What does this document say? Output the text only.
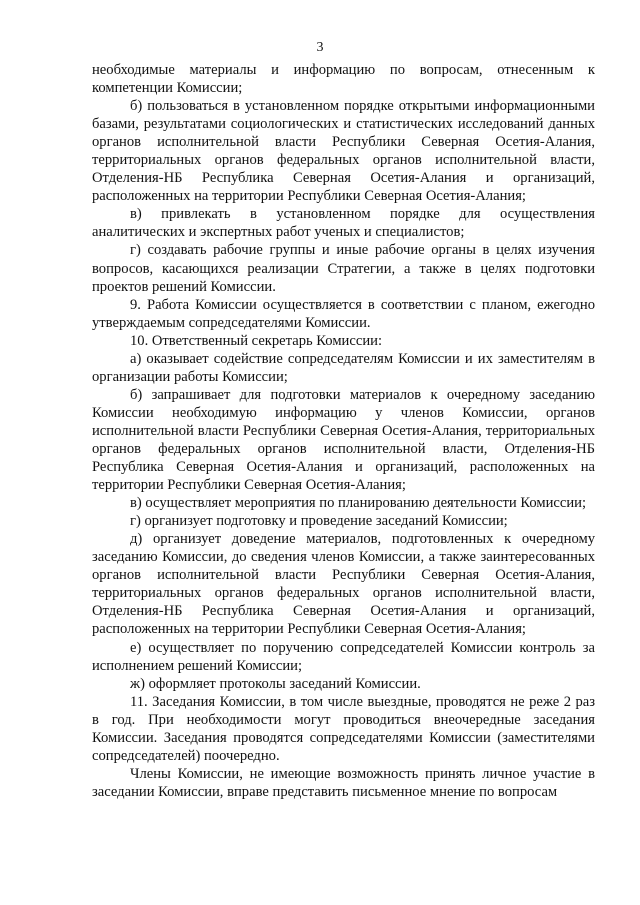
3

необходимые материалы и информацию по вопросам, отнесенным к компетенции Комиссии;

б) пользоваться в установленном порядке открытыми информационными базами, результатами социологических и статистических исследований данных органов исполнительной власти Республики Северная Осетия-Алания, территориальных органов федеральных органов исполнительной власти, Отделения-НБ Республика Северная Осетия-Алания и организаций, расположенных на территории Республики Северная Осетия-Алания;

в) привлекать в установленном порядке для осуществления аналитических и экспертных работ ученых и специалистов;

г) создавать рабочие группы и иные рабочие органы в целях изучения вопросов, касающихся реализации Стратегии, а также в целях подготовки проектов решений Комиссии.

9. Работа Комиссии осуществляется в соответствии с планом, ежегодно утверждаемым сопредседателями Комиссии.

10. Ответственный секретарь Комиссии:

а) оказывает содействие сопредседателям Комиссии и их заместителям в организации работы Комиссии;

б) запрашивает для подготовки материалов к очередному заседанию Комиссии необходимую информацию у членов Комиссии, органов исполнительной власти Республики Северная Осетия-Алания, территориальных органов федеральных органов исполнительной власти, Отделения-НБ Республика Северная Осетия-Алания и организаций, расположенных на территории Республики Северная Осетия-Алания;

в) осуществляет мероприятия по планированию деятельности Комиссии;

г) организует подготовку и проведение заседаний Комиссии;

д) организует доведение материалов, подготовленных к очередному заседанию Комиссии, до сведения членов Комиссии, а также заинтересованных органов исполнительной власти Республики Северная Осетия-Алания, территориальных органов федеральных органов исполнительной власти, Отделения-НБ Республика Северная Осетия-Алания и организаций, расположенных на территории Республики Северная Осетия-Алания;

е) осуществляет по поручению сопредседателей Комиссии контроль за исполнением решений Комиссии;

ж) оформляет протоколы заседаний Комиссии.

11. Заседания Комиссии, в том числе выездные, проводятся не реже 2 раз в год. При необходимости могут проводиться внеочередные заседания Комиссии. Заседания проводятся сопредседателями Комиссии (заместителями сопредседателей) поочередно.

Члены Комиссии, не имеющие возможность принять личное участие в заседании Комиссии, вправе представить письменное мнение по вопросам
